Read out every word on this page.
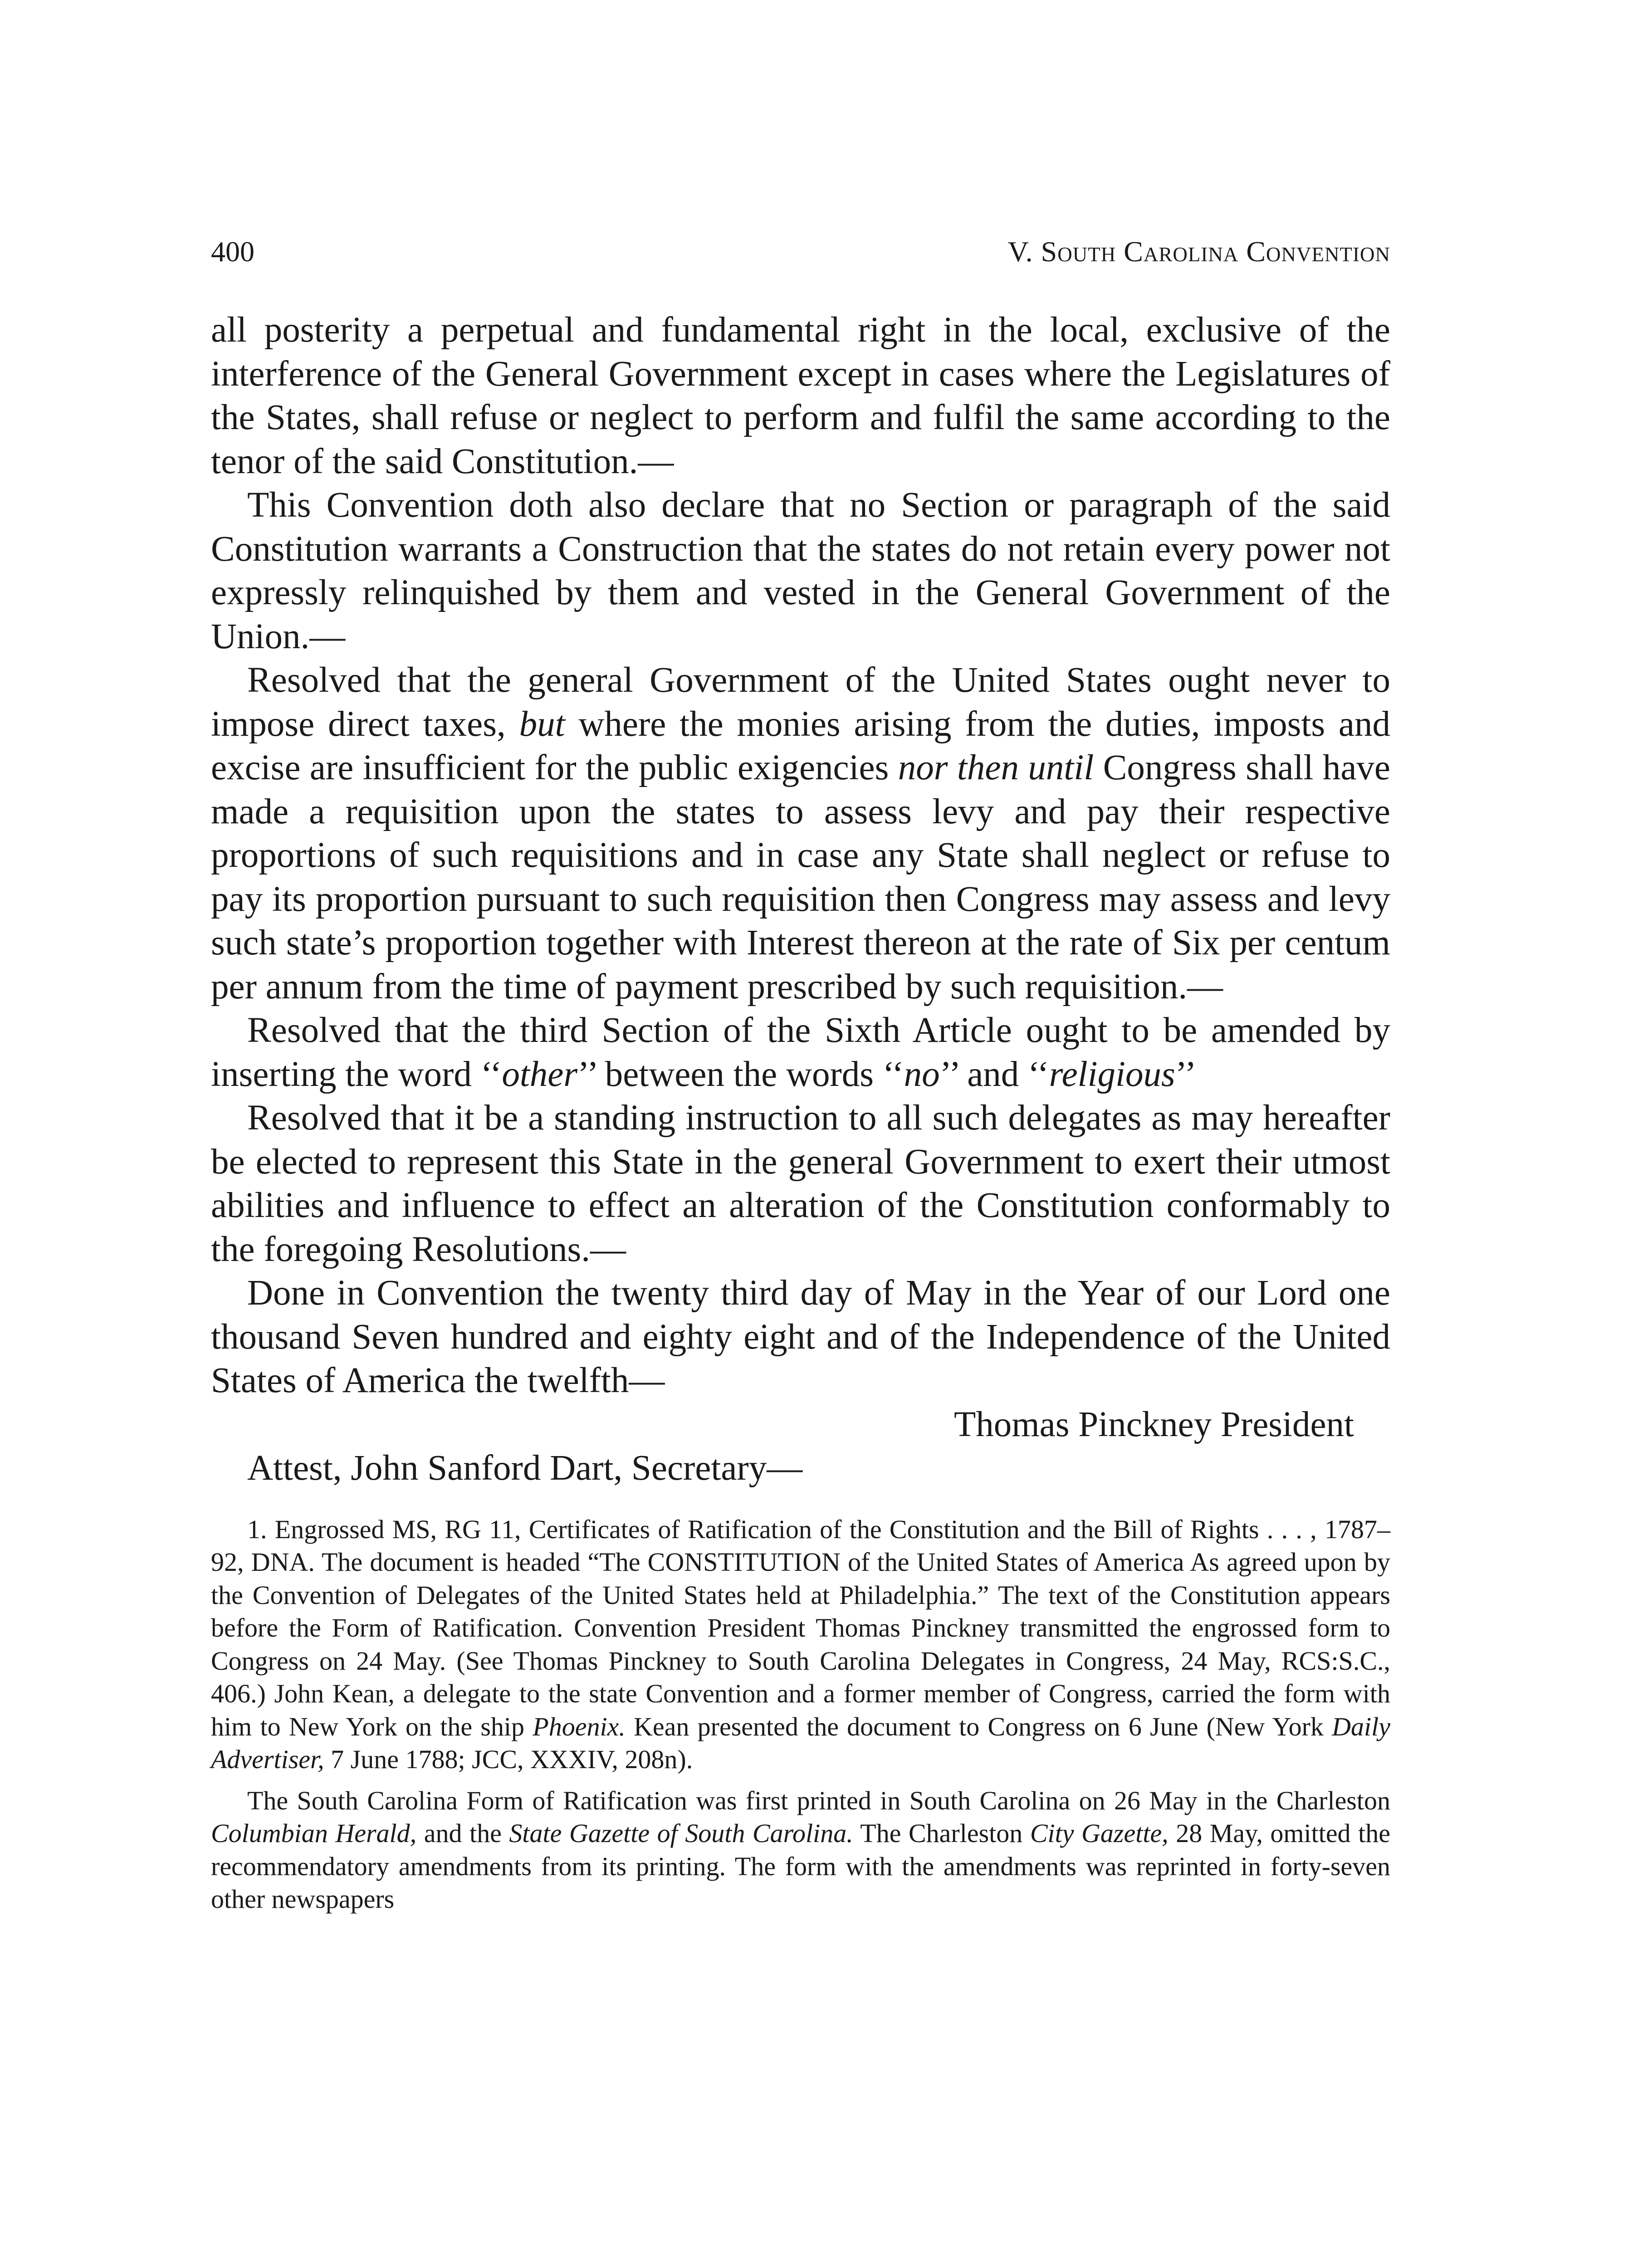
400	V. South Carolina Convention

all posterity a perpetual and fundamental right in the local, exclusive of the interference of the General Government except in cases where the Legislatures of the States, shall refuse or neglect to perform and fulfil the same according to the tenor of the said Constitution.—

This Convention doth also declare that no Section or paragraph of the said Constitution warrants a Construction that the states do not retain every power not expressly relinquished by them and vested in the General Government of the Union.—

Resolved that the general Government of the United States ought never to impose direct taxes, but where the monies arising from the duties, imposts and excise are insufficient for the public exigencies nor then until Congress shall have made a requisition upon the states to assess levy and pay their respective proportions of such requisitions and in case any State shall neglect or refuse to pay its proportion pursuant to such requisition then Congress may assess and levy such state’s proportion together with Interest thereon at the rate of Six per centum per annum from the time of payment prescribed by such requisition.—

Resolved that the third Section of the Sixth Article ought to be amended by inserting the word ‘‘other’’ between the words ‘‘no’’ and ‘‘religious’’

Resolved that it be a standing instruction to all such delegates as may hereafter be elected to represent this State in the general Government to exert their utmost abilities and influence to effect an alteration of the Constitution conformably to the foregoing Resolutions.—

Done in Convention the twenty third day of May in the Year of our Lord one thousand Seven hundred and eighty eight and of the Independence of the United States of America the twelfth—

Thomas Pinckney President

Attest, John Sanford Dart, Secretary—

1. Engrossed MS, RG 11, Certificates of Ratification of the Constitution and the Bill of Rights . . . , 1787–92, DNA. The document is headed “The CONSTITUTION of the United States of America As agreed upon by the Convention of Delegates of the United States held at Philadelphia.” The text of the Constitution appears before the Form of Ratification. Convention President Thomas Pinckney transmitted the engrossed form to Congress on 24 May. (See Thomas Pinckney to South Carolina Delegates in Congress, 24 May, RCS:S.C., 406.) John Kean, a delegate to the state Convention and a former member of Congress, carried the form with him to New York on the ship Phoenix. Kean presented the document to Congress on 6 June (New York Daily Advertiser, 7 June 1788; JCC, XXXIV, 208n).

The South Carolina Form of Ratification was first printed in South Carolina on 26 May in the Charleston Columbian Herald, and the State Gazette of South Carolina. The Charleston City Gazette, 28 May, omitted the recommendatory amendments from its printing. The form with the amendments was reprinted in forty-seven other newspapers
